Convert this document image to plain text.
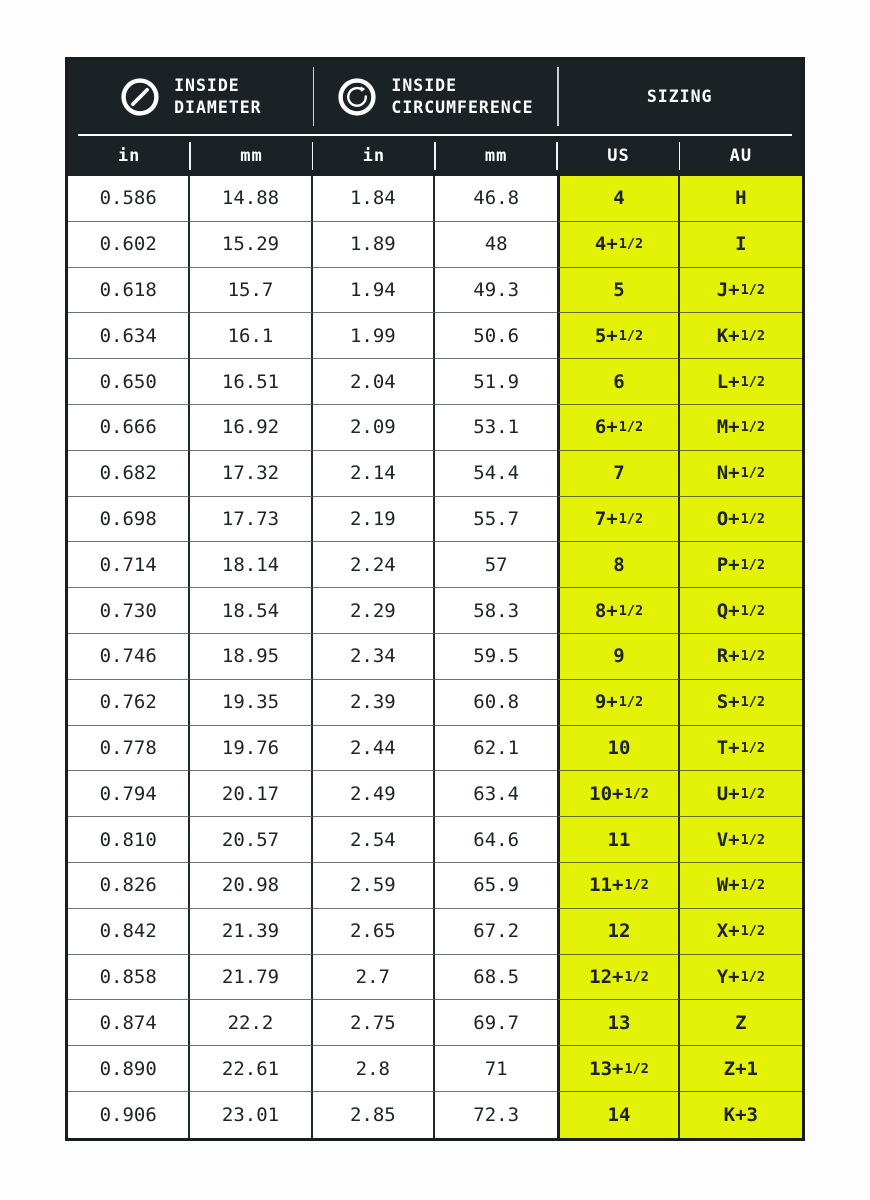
INSIDE DIAMETER
INSIDE CIRCUMFERENCE
SIZING
in	mm	in	mm	US	AU
0.586	14.88	1.84	46.8	4	H
0.602	15.29	1.89	48	4+ 1/2	I
0.618	15.7	1.94	49.3	5	J+ 1/2
0.634	16.1	1.99	50.6	5+ 1/2	K+ 1/2
0.650	16.51	2.04	51.9	6	L+ 1/2
0.666	16.92	2.09	53.1	6+ 1/2	M+ 1/2
0.682	17.32	2.14	54.4	7	N+ 1/2
0.698	17.73	2.19	55.7	7+ 1/2	O+ 1/2
0.714	18.14	2.24	57	8	P+ 1/2
0.730	18.54	2.29	58.3	8+ 1/2	Q+ 1/2
0.746	18.95	2.34	59.5	9	R+ 1/2
0.762	19.35	2.39	60.8	9+ 1/2	S+ 1/2
0.778	19.76	2.44	62.1	10	T+ 1/2
0.794	20.17	2.49	63.4	10+ 1/2	U+ 1/2
0.810	20.57	2.54	64.6	11	V+ 1/2
0.826	20.98	2.59	65.9	11+ 1/2	W+ 1/2
0.842	21.39	2.65	67.2	12	X+ 1/2
0.858	21.79	2.7	68.5	12+ 1/2	Y+ 1/2
0.874	22.2	2.75	69.7	13	Z
0.890	22.61	2.8	71	13+ 1/2	Z+1
0.906	23.01	2.85	72.3	14	K+3
